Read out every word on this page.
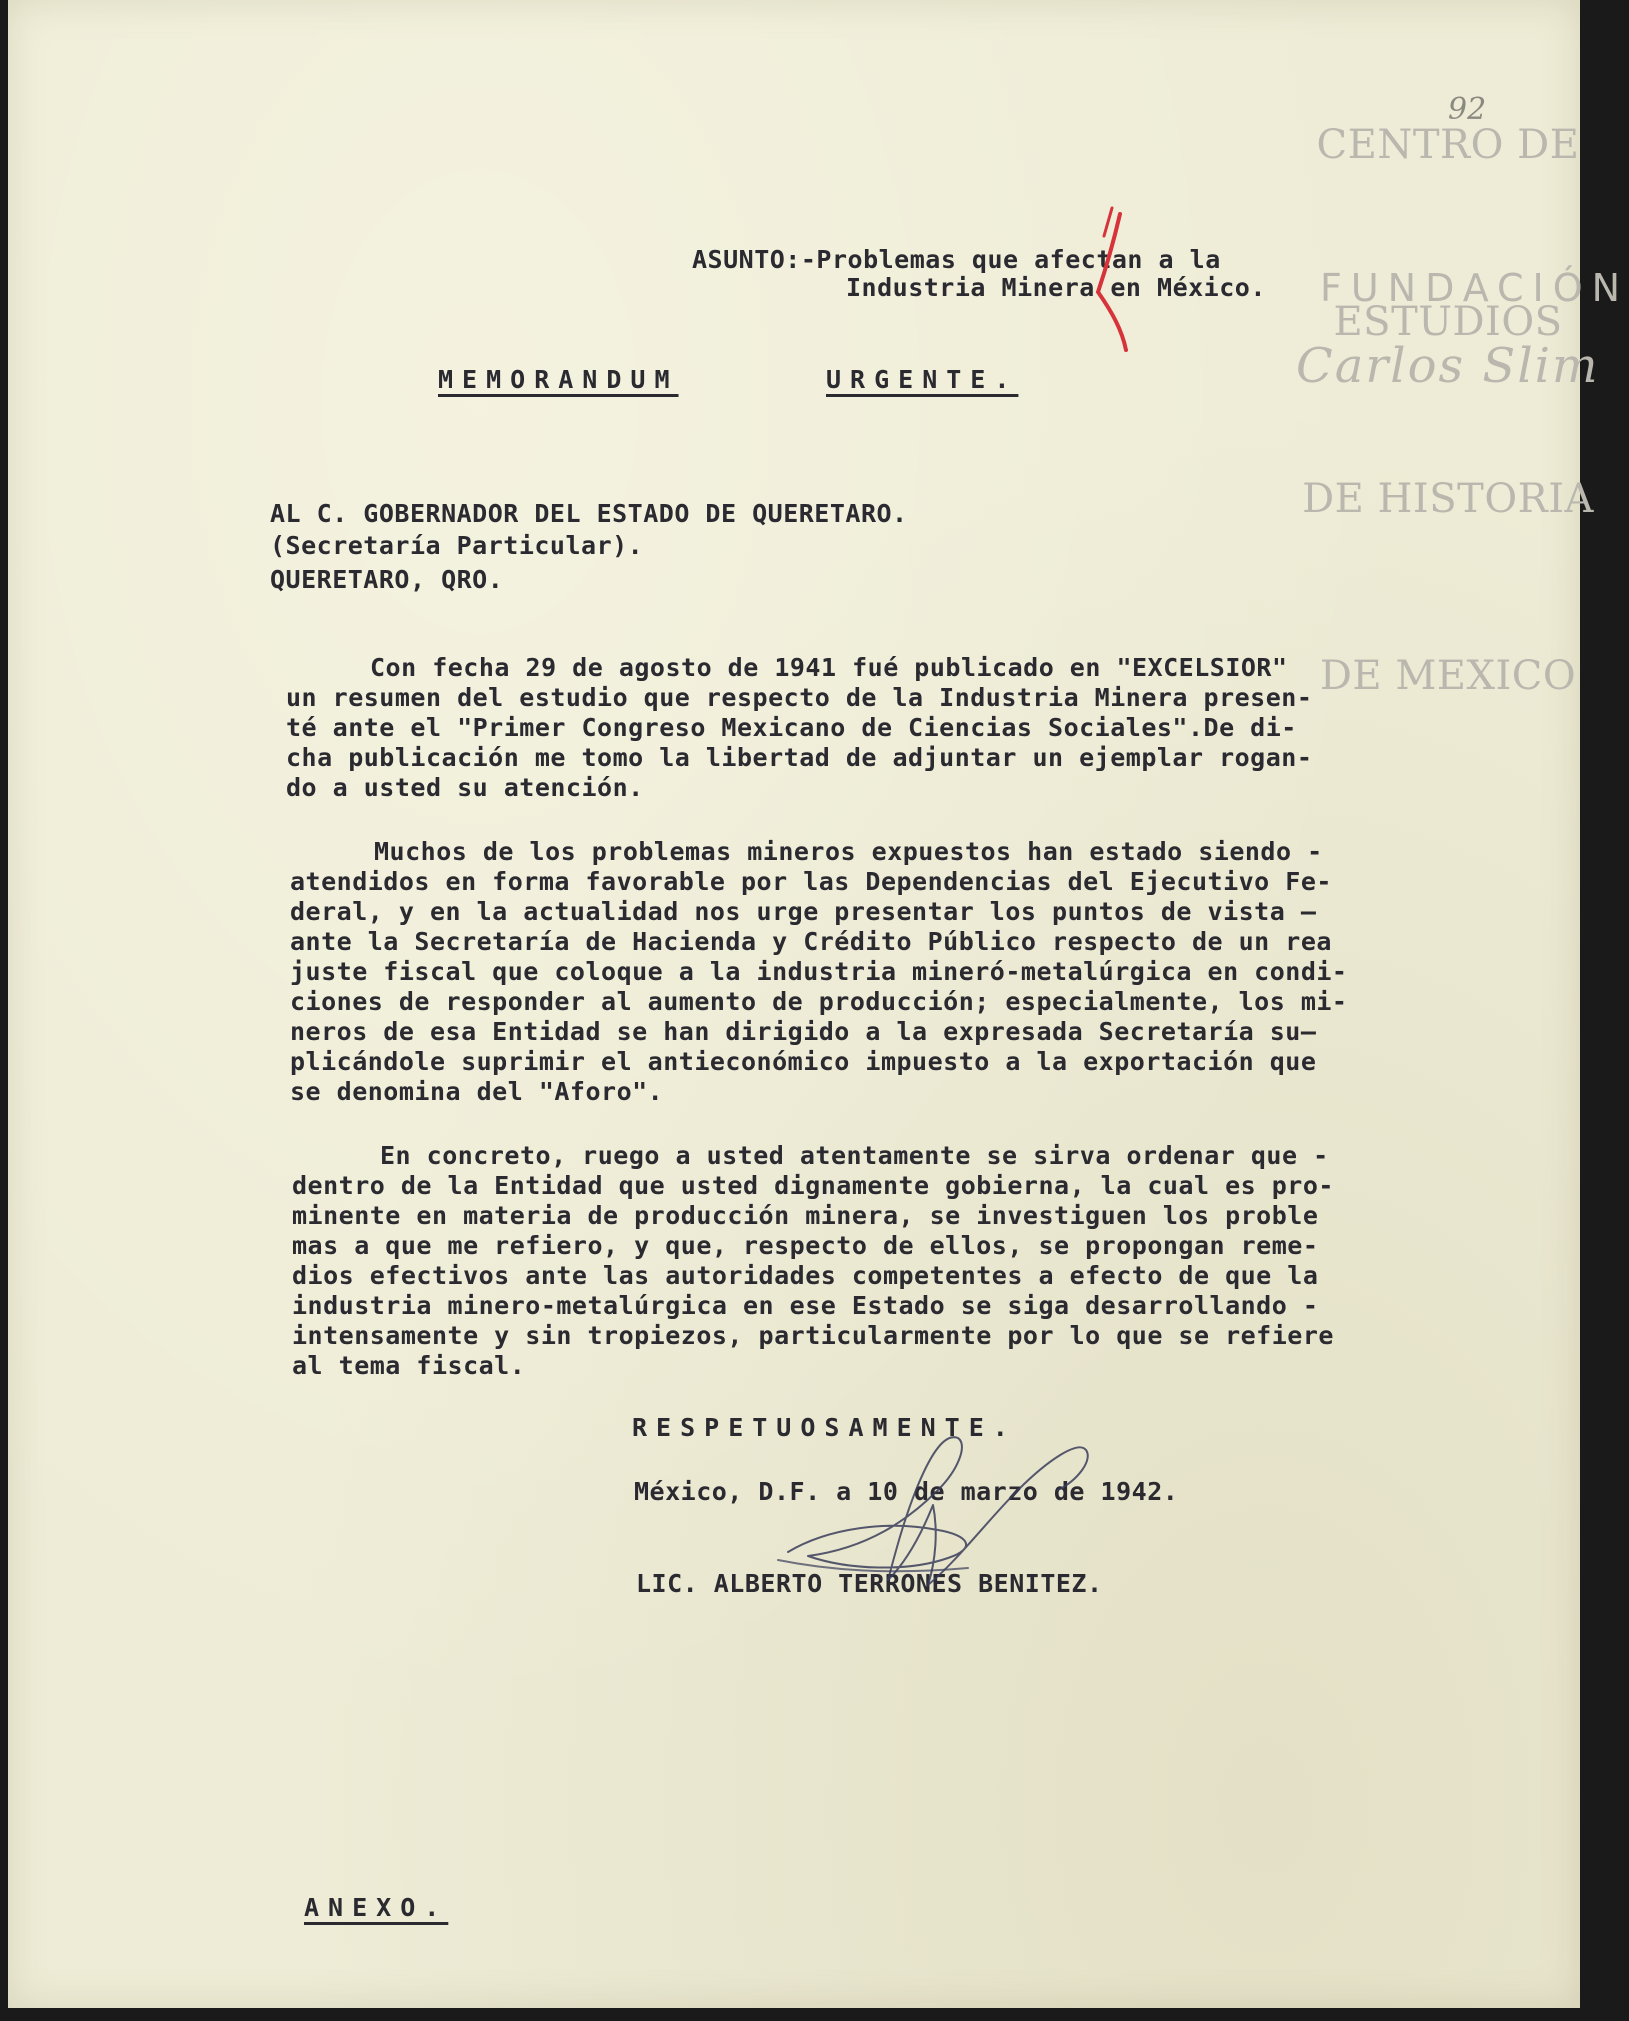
CENTRO DE

ESTUDIOS

DE HISTORIA

DE MEXICO

FUNDACIÓN
Carlos Slim
92
ASUNTO:-Problemas que afectan a la
Industria Minera en México.
MEMORANDUM	URGENTE.
AL C. GOBERNADOR DEL ESTADO DE QUERETARO.
(Secretaría Particular).
QUERETARO, QRO.
Con fecha 29 de agosto de 1941 fué publicado en "EXCELSIOR"
un resumen del estudio que respecto de la Industria Minera presen-
té ante el "Primer Congreso Mexicano de Ciencias Sociales".De di-
cha publicación me tomo la libertad de adjuntar un ejemplar rogan-
do a usted su atención.
Muchos de los problemas mineros expuestos han estado siendo -
atendidos en forma favorable por las Dependencias del Ejecutivo Fe-
deral, y en la actualidad nos urge presentar los puntos de vista —
ante la Secretaría de Hacienda y Crédito Público respecto de un rea
juste fiscal que coloque a la industria mineró-metalúrgica en condi-
ciones de responder al aumento de producción; especialmente, los mi-
neros de esa Entidad se han dirigido a la expresada Secretaría su—
plicándole suprimir el antieconómico impuesto a la exportación que
se denomina del "Aforo".
En concreto, ruego a usted atentamente se sirva ordenar que -
dentro de la Entidad que usted dignamente gobierna, la cual es pro-
minente en materia de producción minera, se investiguen los proble
mas a que me refiero, y que, respecto de ellos, se propongan reme-
dios efectivos ante las autoridades competentes a efecto de que la
industria minero-metalúrgica en ese Estado se siga desarrollando -
intensamente y sin tropiezos, particularmente por lo que se refiere
al tema fiscal.
RESPETUOSAMENTE.
México, D.F. a 10 de marzo de 1942.
LIC. ALBERTO TERRONES BENITEZ.
ANEXO.
